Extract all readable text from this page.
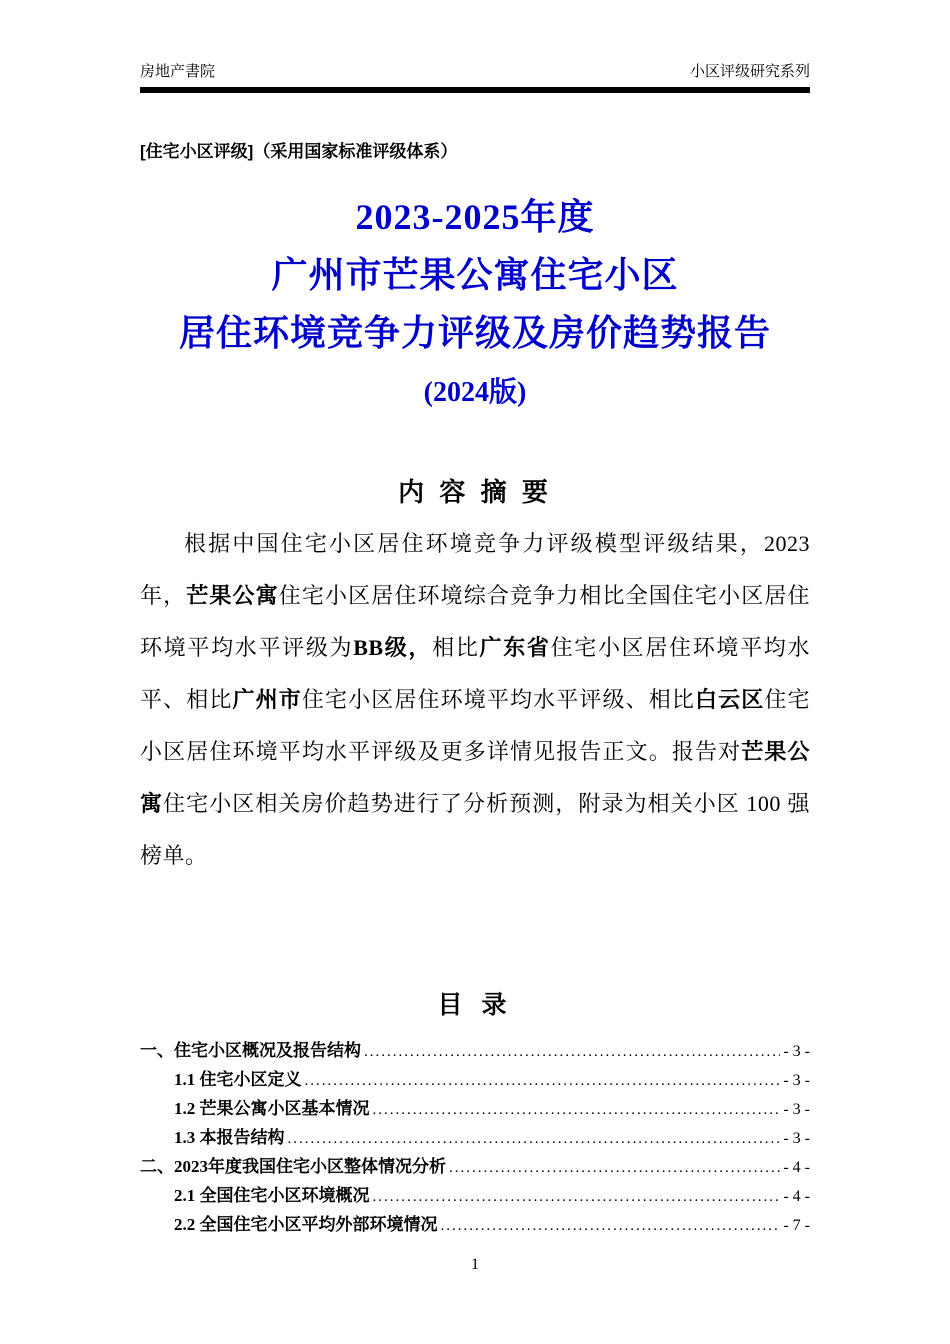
房地产書院	小区评级研究系列
[住宅小区评级]（采用国家标准评级体系）
2023-2025年度
广州市芒果公寓住宅小区
居住环境竞争力评级及房价趋势报告
(2024版)
内 容 摘 要

根据中国住宅小区居住环境竞争力评级模型评级结果，2023 年，芒果公寓住宅小区居住环境综合竞争力相比全国住宅小区居住环境平均水平评级为BB级，相比广东省住宅小区居住环境平均水平、相比广州市住宅小区居住环境平均水平评级、相比白云区住宅小区居住环境平均水平评级及更多详情见报告正文。报告对芒果公寓住宅小区相关房价趋势进行了分析预测，附录为相关小区 100 强榜单。

目 录
一、住宅小区概况及报告结构 .....	- 3 -
1.1 住宅小区定义 .....	- 3 -
1.2 芒果公寓小区基本情况 .....	- 3 -
1.3 本报告结构 .....	- 3 -
二、2023年度我国住宅小区整体情况分析 .....	- 4 -
2.1 全国住宅小区环境概况 .....	- 4 -
2.2 全国住宅小区平均外部环境情况 .....	- 7 -
1
